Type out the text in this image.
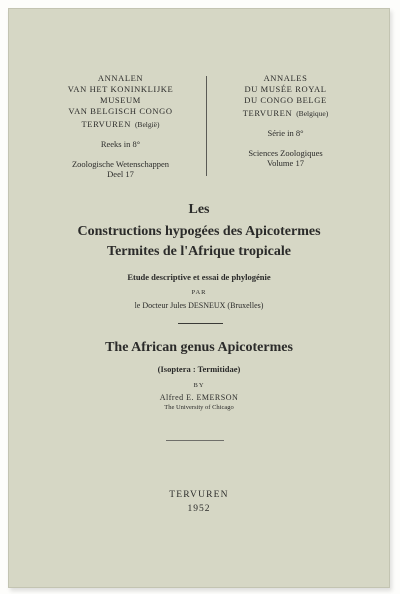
ANNALEN
VAN HET KONINKLIJKE MUSEUM
VAN BELGISCH CONGO
TERVUREN (België)
Reeks in 8°
Zoologische Wetenschappen
Deel 17
ANNALES
DU MUSÉE ROYAL
DU CONGO BELGE
TERVUREN (Belgique)
Série in 8°
Sciences Zoologiques
Volume 17
Les
Constructions hypogées des Apicotermes
Termites de l'Afrique tropicale
Etude descriptive et essai de phylogénie
PAR
le Docteur Jules DESNEUX (Bruxelles)
The African genus Apicotermes
(Isoptera : Termitidae)
BY
Alfred E. EMERSON
The University of Chicago
TERVUREN
1952
